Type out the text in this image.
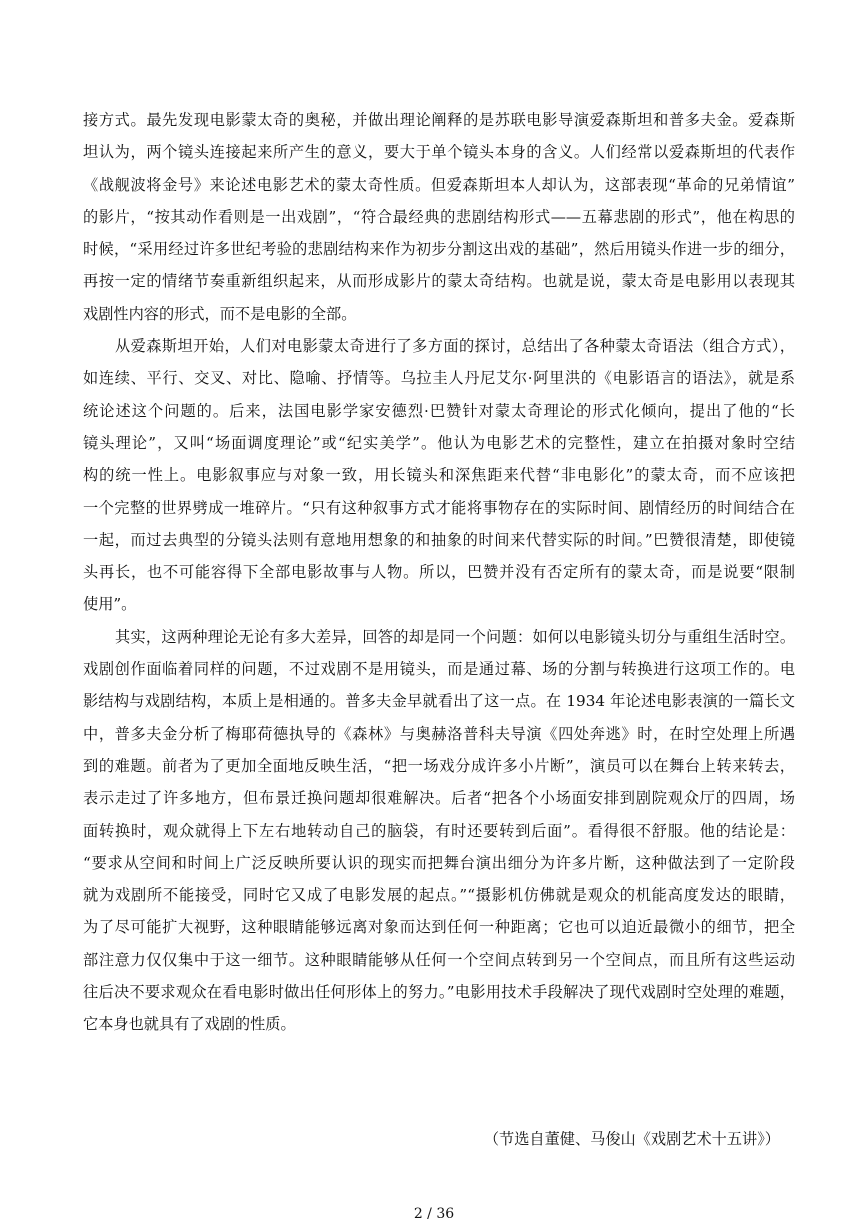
接方式。最先发现电影蒙太奇的奥秘，并做出理论阐释的是苏联电影导演爱森斯坦和普多夫金。爱森斯
坦认为，两个镜头连接起来所产生的意义，要大于单个镜头本身的含义。人们经常以爱森斯坦的代表作
《战舰波将金号》来论述电影艺术的蒙太奇性质。但爱森斯坦本人却认为，这部表现“革命的兄弟情谊”
的影片，“按其动作看则是一出戏剧”，“符合最经典的悲剧结构形式——五幕悲剧的形式”，他在构思的
时候，“采用经过许多世纪考验的悲剧结构来作为初步分割这出戏的基础”，然后用镜头作进一步的细分，
再按一定的情绪节奏重新组织起来，从而形成影片的蒙太奇结构。也就是说，蒙太奇是电影用以表现其
戏剧性内容的形式，而不是电影的全部。
从爱森斯坦开始，人们对电影蒙太奇进行了多方面的探讨，总结出了各种蒙太奇语法（组合方式），
如连续、平行、交叉、对比、隐喻、抒情等。乌拉圭人丹尼艾尔·阿里洪的《电影语言的语法》，就是系
统论述这个问题的。后来，法国电影学家安德烈·巴赞针对蒙太奇理论的形式化倾向，提出了他的“长
镜头理论”，又叫“场面调度理论”或“纪实美学”。他认为电影艺术的完整性，建立在拍摄对象时空结
构的统一性上。电影叙事应与对象一致，用长镜头和深焦距来代替“非电影化”的蒙太奇，而不应该把
一个完整的世界劈成一堆碎片。“只有这种叙事方式才能将事物存在的实际时间、剧情经历的时间结合在
一起，而过去典型的分镜头法则有意地用想象的和抽象的时间来代替实际的时间。”巴赞很清楚，即使镜
头再长，也不可能容得下全部电影故事与人物。所以，巴赞并没有否定所有的蒙太奇，而是说要“限制
使用”。
其实，这两种理论无论有多大差异，回答的却是同一个问题：如何以电影镜头切分与重组生活时空。
戏剧创作面临着同样的问题，不过戏剧不是用镜头，而是通过幕、场的分割与转换进行这项工作的。电
影结构与戏剧结构，本质上是相通的。普多夫金早就看出了这一点。在 1934 年论述电影表演的一篇长文
中，普多夫金分析了梅耶荷德执导的《森林》与奥赫洛普科夫导演《四处奔逃》时，在时空处理上所遇
到的难题。前者为了更加全面地反映生活，“把一场戏分成许多小片断”，演员可以在舞台上转来转去，
表示走过了许多地方，但布景迁换问题却很难解决。后者“把各个小场面安排到剧院观众厅的四周，场
面转换时，观众就得上下左右地转动自己的脑袋，有时还要转到后面”。看得很不舒服。他的结论是：
“要求从空间和时间上广泛反映所要认识的现实而把舞台演出细分为许多片断，这种做法到了一定阶段
就为戏剧所不能接受，同时它又成了电影发展的起点。”“摄影机仿佛就是观众的机能高度发达的眼睛，
为了尽可能扩大视野，这种眼睛能够远离对象而达到任何一种距离；它也可以迫近最微小的细节，把全
部注意力仅仅集中于这一细节。这种眼睛能够从任何一个空间点转到另一个空间点，而且所有这些运动
往后决不要求观众在看电影时做出任何形体上的努力。”电影用技术手段解决了现代戏剧时空处理的难题，
它本身也就具有了戏剧的性质。
（节选自董健、马俊山《戏剧艺术十五讲》）
2 / 36
